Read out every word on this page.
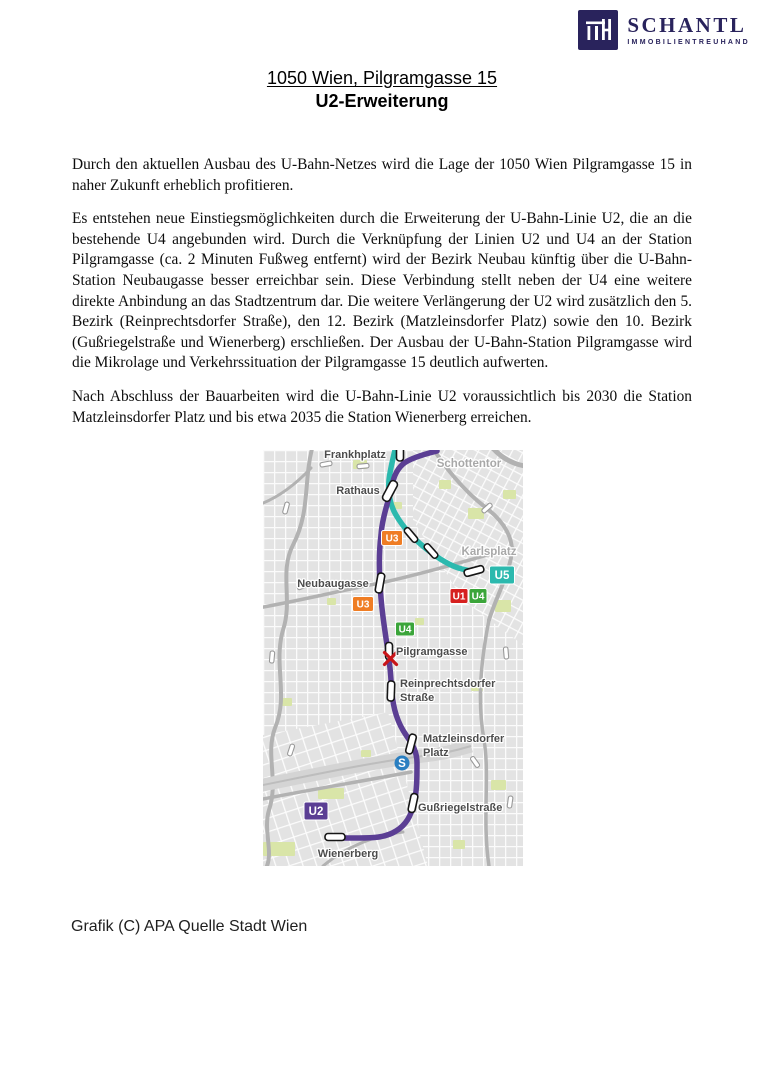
SCHANTL
IMMOBILIENTREUHAND
1050 Wien, Pilgramgasse 15
U2-Erweiterung

Durch den aktuellen Ausbau des U-Bahn-Netzes wird die Lage der 1050 Wien Pilgramgasse 15 in naher Zukunft erheblich profitieren.

Es entstehen neue Einstiegsmöglichkeiten durch die Erweiterung der U-Bahn-Linie U2, die an die bestehende U4 angebunden wird. Durch die Verknüpfung der Linien U2 und U4 an der Station Pilgramgasse (ca. 2 Minuten Fußweg entfernt) wird der Bezirk Neubau künftig über die U-Bahn-Station Neubaugasse besser erreichbar sein. Diese Verbindung stellt neben der U4 eine weitere direkte Anbindung an das Stadtzentrum dar. Die weitere Verlängerung der U2 wird zusätzlich den 5. Bezirk (Reinprechtsdorfer Straße), den 12. Bezirk (Matzleinsdorfer Platz) sowie den 10. Bezirk (Gußriegelstraße und Wienerberg) erschließen. Der Ausbau der U-Bahn-Station Pilgramgasse wird die Mikrolage und Verkehrssituation der Pilgramgasse 15 deutlich aufwerten.

Nach Abschluss der Bauarbeiten wird die U-Bahn-Linie U2 voraussichtlich bis 2030 die Station Matzleinsdorfer Platz und bis etwa 2035 die Station Wienerberg erreichen.

S
U3
U3
U1 U4
U5
U4
U2
Frankhplatz
Schottentor
Rathaus
Karlsplatz
Neubaugasse
Pilgramgasse
Reinprechtsdorfer
Straße
Matzleinsdorfer
Platz
Gußriegelstraße
Wienerberg
Grafik (C) APA Quelle Stadt Wien
